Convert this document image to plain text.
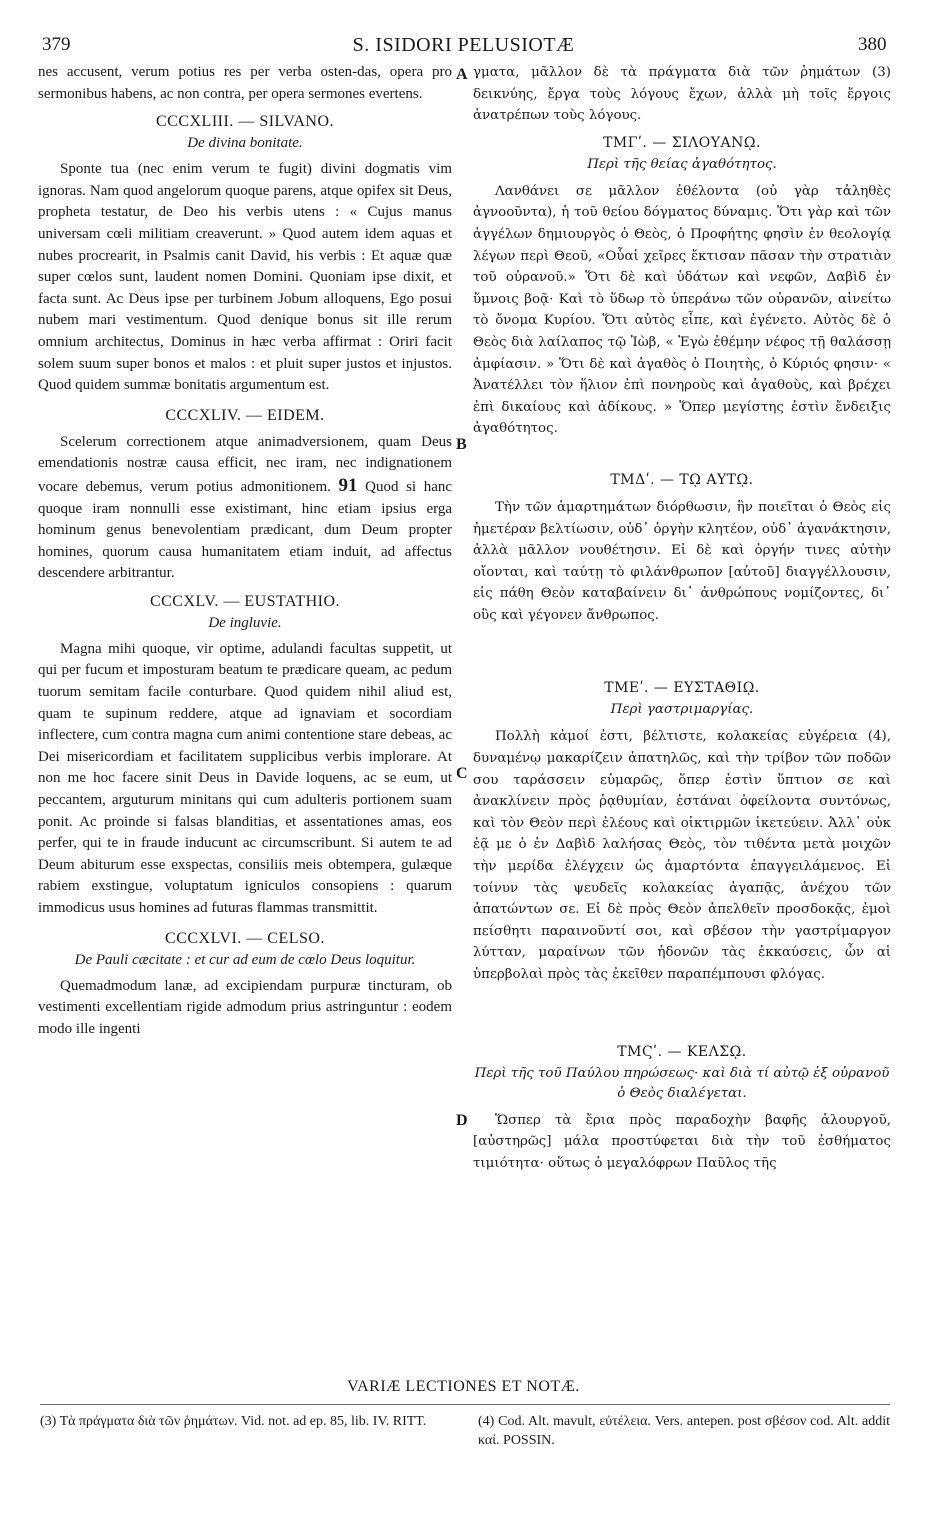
379	S. ISIDORI PELUSIOTÆ	380
A
B
C
D

nes accusent, verum potius res per verba osten-das, opera pro sermonibus habens, ac non contra, per opera sermones evertens.

CCCXLIII. — SILVANO.
De divina bonitate.

Sponte tua (nec enim verum te fugit) divini dogmatis vim ignoras. Nam quod angelorum quoque parens, atque opifex sit Deus, propheta testatur, de Deo his verbis utens : « Cujus manus universam cœli militiam creaverunt. » Quod autem idem aquas et nubes procrearit, in Psalmis canit David, his verbis : Et aquæ quæ super cœlos sunt, laudent nomen Domini. Quoniam ipse dixit, et facta sunt. Ac Deus ipse per turbinem Jobum alloquens, Ego posui nubem mari vestimentum. Quod denique bonus sit ille rerum omnium architectus, Dominus in hæc verba affirmat : Oriri facit solem suum super bonos et malos : et pluit super justos et injustos. Quod quidem summæ bonitatis argumentum est.

CCCXLIV. — EIDEM.

Scelerum correctionem atque animadversionem, quam Deus emendationis nostræ causa efficit, nec iram, nec indignationem vocare debemus, verum potius admonitionem. 91 Quod si hanc quoque iram nonnulli esse existimant, hinc etiam ipsius erga hominum genus benevolentiam prædicant, dum Deum propter homines, quorum causa humanitatem etiam induit, ad affectus descendere arbitrantur.

CCCXLV. — EUSTATHIO.
De ingluvie.

Magna mihi quoque, vir optime, adulandi facultas suppetit, ut qui per fucum et imposturam beatum te prædicare queam, ac pedum tuorum semitam facile conturbare. Quod quidem nihil aliud est, quam te supinum reddere, atque ad ignaviam et socordiam inflectere, cum contra magna cum animi contentione stare debeas, ac Dei misericordiam et facilitatem supplicibus verbis implorare. At non me hoc facere sinit Deus in Davide loquens, ac se eum, ut peccantem, arguturum minitans qui cum adulteris portionem suam ponit. Ac proinde si falsas blanditias, et assentationes amas, eos perfer, qui te in fraude inducunt ac circumscribunt. Si autem te ad Deum abiturum esse exspectas, consiliis meis obtempera, gulæque rabiem exstingue, voluptatum igniculos consopiens : quarum immodicus usus homines ad futuras flammas transmittit.

CCCXLVI. — CELSO.
De Pauli cæcitate : et cur ad eum de cœlo Deus loquitur.

Quemadmodum lanæ, ad excipiendam purpuræ tincturam, ob vestimenti excellentiam rigide admodum prius astringuntur : eodem modo ille ingenti

γματα, μᾶλλον δὲ τὰ πράγματα διὰ τῶν ῥημάτων (3) δεικνύης, ἔργα τοὺς λόγους ἔχων, ἀλλὰ μὴ τοῖς ἔργοις ἀνατρέπων τοὺς λόγους.

ΤΜΓʹ. — ΣΙΛΟΥΑΝῼ.
Περὶ τῆς θείας ἀγαθότητος.

Λανθάνει σε μᾶλλον ἐθέλοντα (οὐ γὰρ τἀληθὲς ἀγνοοῦντα), ἡ τοῦ θείου δόγματος δύναμις. Ὅτι γὰρ καὶ τῶν ἀγγέλων δημιουργὸς ὁ Θεὸς, ὁ Προφήτης φησὶν ἐν θεολογίᾳ λέγων περὶ Θεοῦ, «Οὗαἱ χεῖρες ἔκτισαν πᾶσαν τὴν στρατιὰν τοῦ οὐρανοῦ.» Ὅτι δὲ καὶ ὑδάτων καὶ νεφῶν, Δαβὶδ ἐν ὕμνοις βοᾷ· Καὶ τὸ ὕδωρ τὸ ὑπεράνω τῶν οὐρανῶν, αἰνείτω τὸ ὄνομα Κυρίου. Ὅτι αὐτὸς εἶπε, καὶ ἐγένετο. Αὐτὸς δὲ ὁ Θεὸς διὰ λαίλαπος τῷ Ἰὼβ, « Ἐγὼ ἐθέμην νέφος τῇ θαλάσσῃ ἀμφίασιν. » Ὅτι δὲ καὶ ἀγαθὸς ὁ Ποιητὴς, ὁ Κύριός φησιν· « Ἀνατέλλει τὸν ἥλιον ἐπὶ πονηροὺς καὶ ἀγαθοὺς, καὶ βρέχει ἐπὶ δικαίους καὶ ἀδίκους. » Ὅπερ μεγίστης ἐστὶν ἔνδειξις ἀγαθότητος.

ΤΜΔʹ. — Τῼ ΑΥΤῼ.

Τὴν τῶν ἁμαρτημάτων διόρθωσιν, ἣν ποιεῖται ὁ Θεὸς εἰς ἡμετέραν βελτίωσιν, οὐδ᾽ ὀργὴν κλητέον, οὐδ᾽ ἀγανάκτησιν, ἀλλὰ μᾶλλον νουθέτησιν. Εἰ δὲ καὶ ὀργήν τινες αὐτὴν οἴονται, καὶ ταύτῃ τὸ φιλάνθρωπον [αὐτοῦ] διαγγέλλουσιν, εἰς πάθη Θεὸν καταβαίνειν δι᾽ ἀνθρώπους νομίζοντες, δι᾽ οὓς καὶ γέγονεν ἄνθρωπος.

ΤΜΕʹ. — ΕΥΣΤΑΘΙῼ.
Περὶ γαστριμαργίας.

Πολλὴ κἀμοί ἐστι, βέλτιστε, κολακείας εὐγέρεια (4), δυναμένῳ μακαρίζειν ἀπατηλῶς, καὶ τὴν τρίβον τῶν ποδῶν σου ταράσσειν εὐμαρῶς, ὅπερ ἐστὶν ὕπτιον σε καὶ ἀνακλίνειν πρὸς ῥᾳθυμίαν, ἑστάναι ὀφείλοντα συντόνως, καὶ τὸν Θεὸν περὶ ἐλέους καὶ οἰκτιρμῶν ἱκετεύειν. Ἀλλ᾽ οὐκ ἐᾷ με ὁ ἐν Δαβὶδ λαλήσας Θεὸς, τὸν τιθέντα μετὰ μοιχῶν τὴν μερίδα ἐλέγχειν ὡς ἁμαρτόντα ἐπαγγειλάμενος. Εἰ τοίνυν τὰς ψευδεῖς κολακείας ἀγαπᾷς, ἀνέχου τῶν ἀπατώντων σε. Εἰ δὲ πρὸς Θεὸν ἀπελθεῖν προσδοκᾷς, ἐμοὶ πείσθητι παραινοῦντί σοι, καὶ σβέσον τὴν γαστρίμαργον λύτταν, μαραίνων τῶν ἡδονῶν τὰς ἐκκαύσεις, ὧν αἱ ὑπερβολαὶ πρὸς τὰς ἐκεῖθεν παραπέμπουσι φλόγας.

ΤΜϚʹ. — ΚΕΛΣῼ.
Περὶ τῆς τοῦ Παύλου πηρώσεως· καὶ διὰ τί αὐτῷ ἐξ οὐρανοῦ ὁ Θεὸς διαλέγεται.

Ὥσπερ τὰ ἔρια πρὸς παραδοχὴν βαφῆς ἁλουργοῦ, [αὐστηρῶς] μάλα προστύφεται διὰ τὴν τοῦ ἐσθήματος τιμιότητα· οὕτως ὁ μεγαλόφρων Παῦλος τῆς

VARIÆ LECTIONES ET NOTÆ.
(3) Τὰ πράγματα διὰ τῶν ῥημάτων. Vid. not. ad ep. 85, lib. IV. RITT.	(4) Cod. Alt. mavult, εὐτέλεια. Vers. antepen. post σβέσον cod. Alt. addit καί. POSSIN.
